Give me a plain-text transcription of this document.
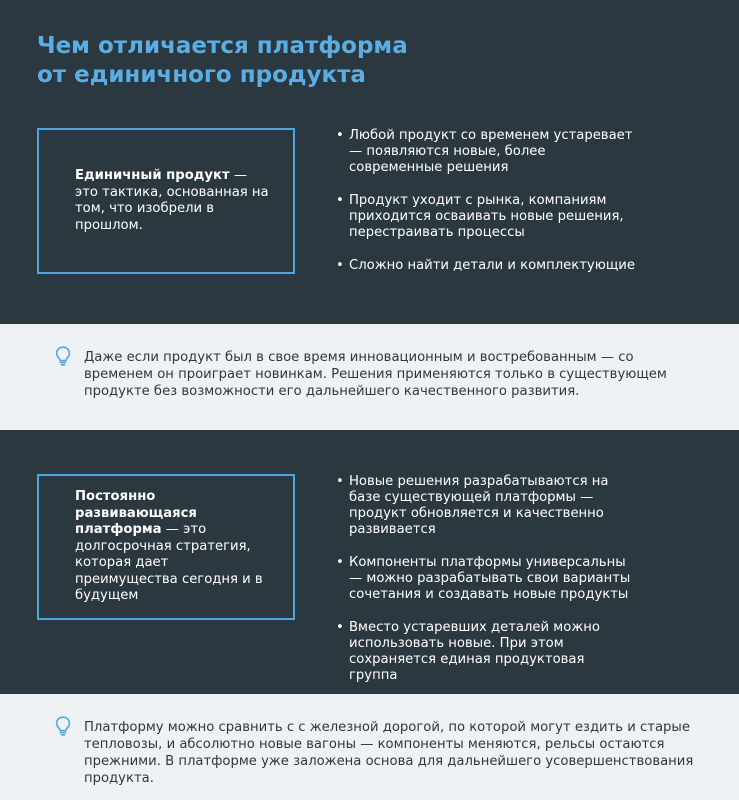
Чем отличается платформа
от единичного продукта
Единичный продукт — это тактика, основанная на том, что изобрели в прошлом.
• Любой продукт со временем устаревает — появляются новые, более современные решения
• Продукт уходит с рынка, компаниям приходится осваивать новые решения, перестраивать процессы
• Сложно найти детали и комплектующие
Даже если продукт был в свое время инновационным и востребованным — со временем он проиграет новинкам. Решения применяются только в существующем продукте без возможности его дальнейшего качественного развития.
Постоянно развивающаяся платформа — это долгосрочная стратегия, которая дает преимущества сегодня и в будущем
• Новые решения разрабатываются на базе существующей платформы — продукт обновляется и качественно развивается
• Компоненты платформы универсальны — можно разрабатывать свои варианты сочетания и создавать новые продукты
• Вместо устаревших деталей можно использовать новые. При этом сохраняется единая продуктовая группа
Платформу можно сравнить с с железной дорогой, по которой могут ездить и старые тепловозы, и абсолютно новые вагоны — компоненты меняются, рельсы остаются прежними. В платформе уже заложена основа для дальнейшего усовершенствования продукта.
